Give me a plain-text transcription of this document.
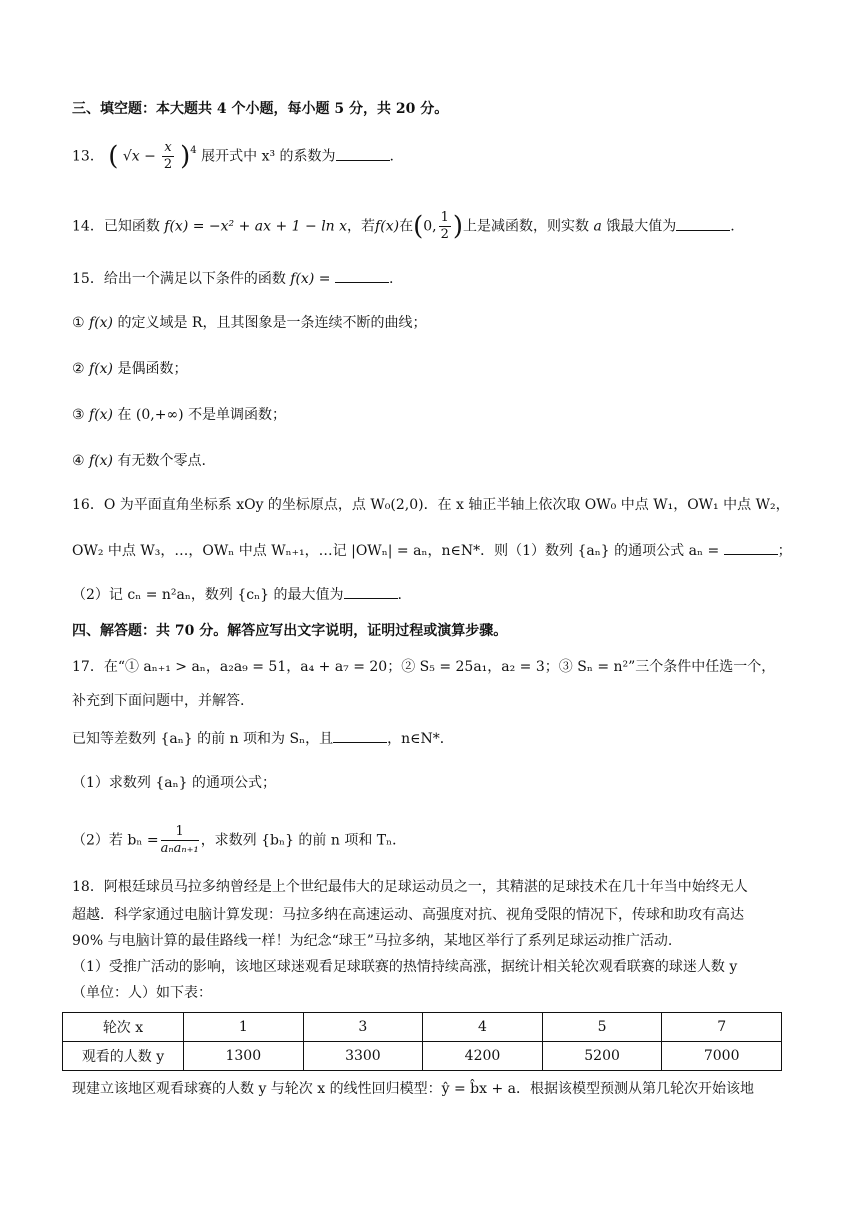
三、填空题：本大题共 4 个小题，每小题 5 分，共 20 分。
13． ( $√x - \frac{x}{2} )^4$ 展开式中 x³ 的系数为	.
14．已知函数 f(x) = −x² + ax + 1 − ln x，若f(x)在(0, $\frac{1}{2}$ )上是减函数，则实数 a 饿最大值为	.
15．给出一个满足以下条件的函数 f(x) =	.
① f(x) 的定义域是 R，且其图象是一条连续不断的曲线；
② f(x) 是偶函数；
③ f(x) 在 (0,+∞) 不是单调函数；
④ f(x) 有无数个零点.
16．O 为平面直角坐标系 xOy 的坐标原点，点 W₀(2,0)．在 x 轴正半轴上依次取 OW₀ 中点 W₁，OW₁ 中点 W₂，
OW₂ 中点 W₃，…，OWₙ 中点 Wₙ₊₁，…记 |OWₙ| = aₙ，n∈N*．则（1）数列 {aₙ} 的通项公式 aₙ =	；
（2）记 cₙ = n²aₙ，数列 {cₙ} 的最大值为	.
四、解答题：共 70 分。解答应写出文字说明，证明过程或演算步骤。
17．在“① aₙ₊₁ > aₙ，a₂a₉ = 51，a₄ + a₇ = 20；② S₅ = 25a₁，a₂ = 3；③ Sₙ = n²”三个条件中任选一个，
补充到下面问题中，并解答.
已知等差数列 {aₙ} 的前 n 项和为 Sₙ，且	，n∈N*．
（1）求数列 {aₙ} 的通项公式；
（2）若 $b_n = \frac{1}{\text{aₙaₙ₊₁}}$ ，求数列 {bₙ} 的前 n 项和 Tₙ．
18．阿根廷球员马拉多纳曾经是上个世纪最伟大的足球运动员之一，其精湛的足球技术在几十年当中始终无人
超越．科学家通过电脑计算发现：马拉多纳在高速运动、高强度对抗、视角受限的情况下，传球和助攻有高达
90% 与电脑计算的最佳路线一样！为纪念“球王”马拉多纳，某地区举行了系列足球运动推广活动.
（1）受推广活动的影响，该地区球迷观看足球联赛的热情持续高涨，据统计相关轮次观看联赛的球迷人数 y
（单位：人）如下表：
轮次 x	1	3	4	5	7
观看的人数 y	1300	3300	4200	5200	7000
现建立该地区观看球赛的人数 y 与轮次 x 的线性回归模型：ŷ = b̂x + a．根据该模型预测从第几轮次开始该地
